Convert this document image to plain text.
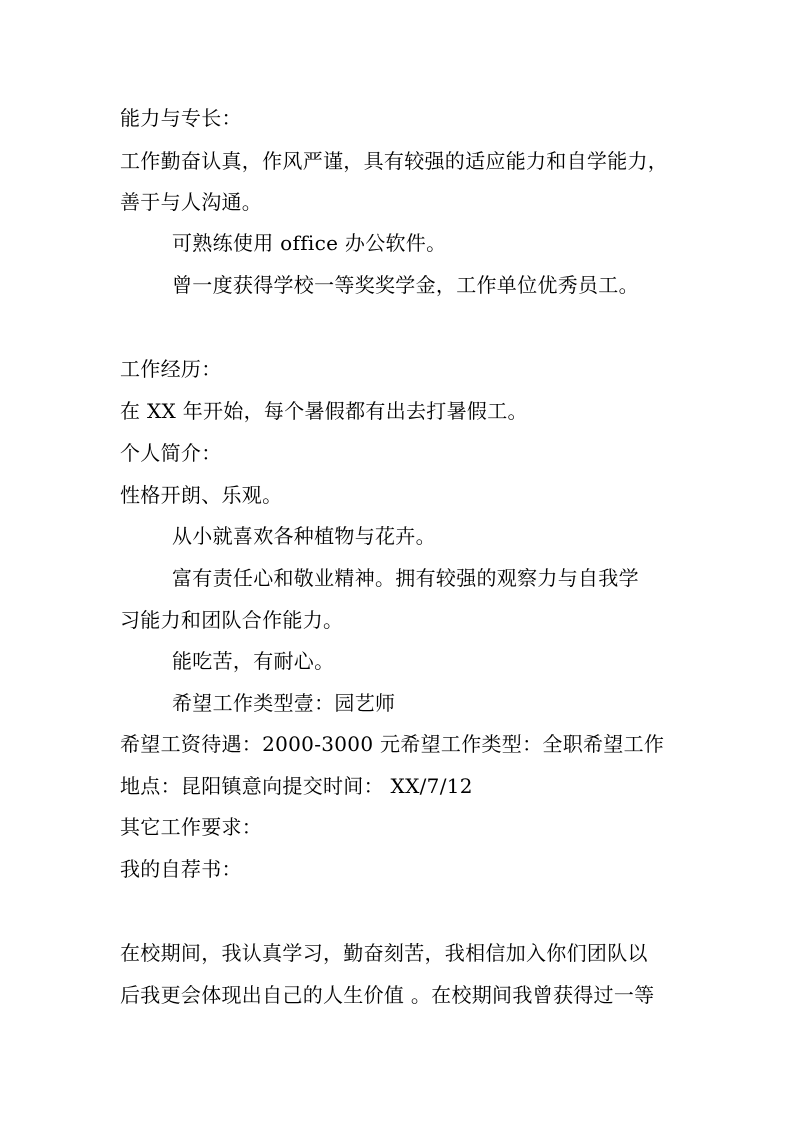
能力与专长：
工作勤奋认真，作风严谨，具有较强的适应能力和自学能力，
善于与人沟通。
可熟练使用 office 办公软件。
曾一度获得学校一等奖奖学金，工作单位优秀员工。
工作经历：
在 XX 年开始，每个暑假都有出去打暑假工。
个人简介：
性格开朗、乐观。
从小就喜欢各种植物与花卉。
富有责任心和敬业精神。拥有较强的观察力与自我学
习能力和团队合作能力。
能吃苦，有耐心。
希望工作类型壹：园艺师
希望工资待遇：2000-3000 元希望工作类型：全职希望工作
地点：昆阳镇意向提交时间： XX/7/12
其它工作要求：
我的自荐书：
在校期间，我认真学习，勤奋刻苦，我相信加入你们团队以
后我更会体现出自己的人生价值 。在校期间我曾获得过一等
